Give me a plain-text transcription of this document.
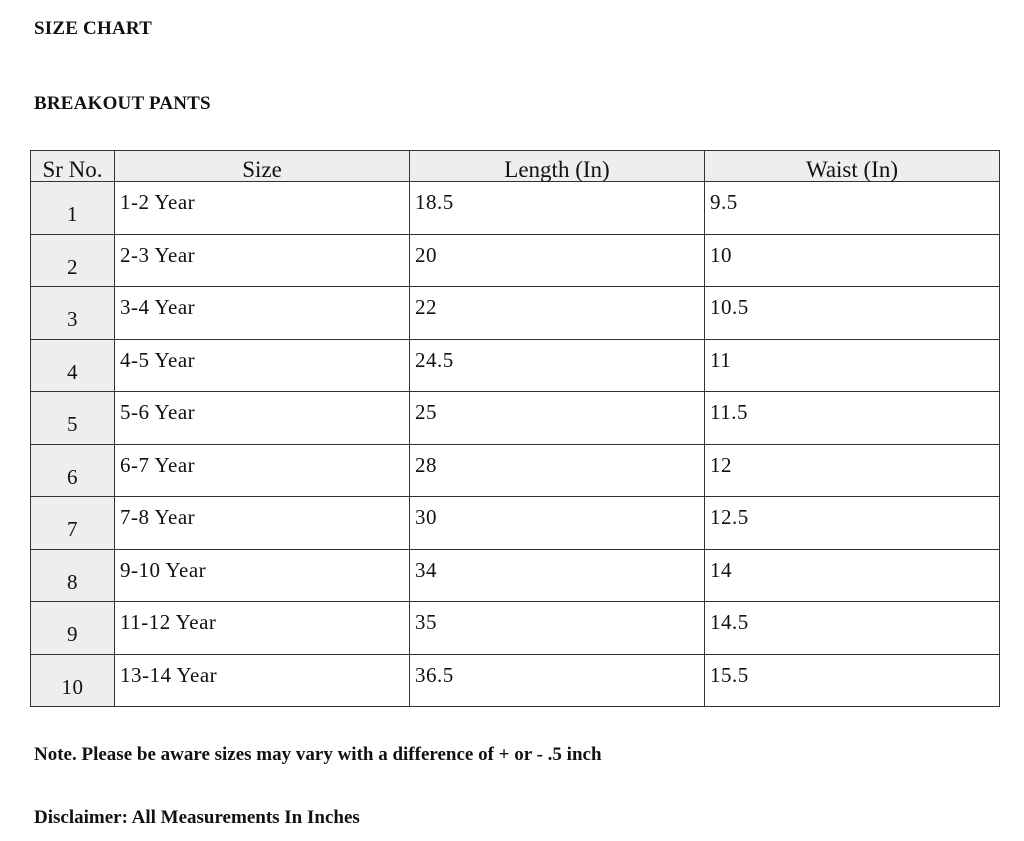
SIZE CHART

BREAKOUT PANTS

Sr No.	Size	Length (In)	Waist (In)
1	1-2 Year	18.5	9.5
2	2-3 Year	20	10
3	3-4 Year	22	10.5
4	4-5 Year	24.5	11
5	5-6 Year	25	11.5
6	6-7 Year	28	12
7	7-8 Year	30	12.5
8	9-10 Year	34	14
9	11-12 Year	35	14.5
10	13-14 Year	36.5	15.5

Note. Please be aware sizes may vary with a difference of + or - .5 inch

Disclaimer: All Measurements In Inches
